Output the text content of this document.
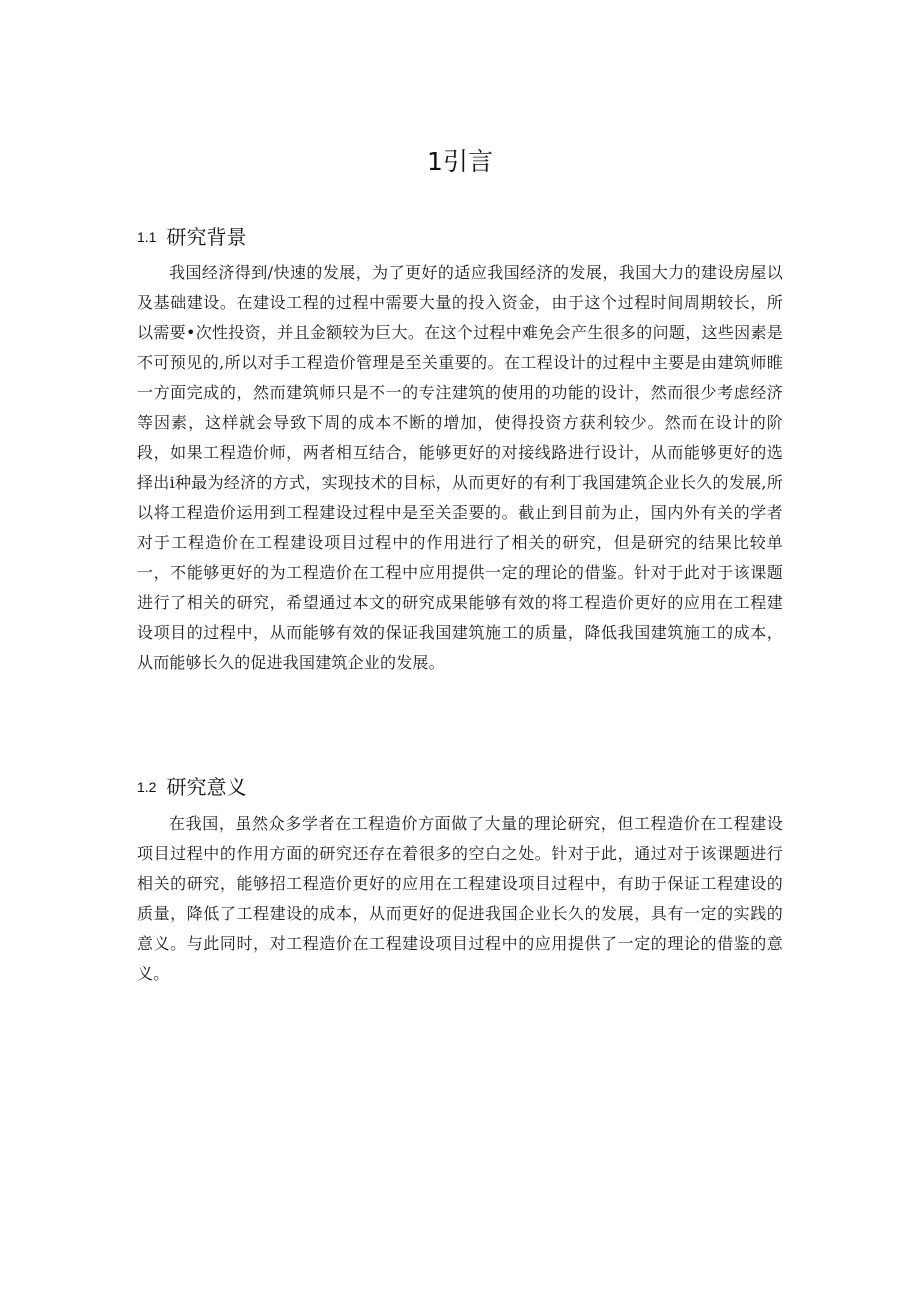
1引言
1.1 研究背景

我国经济得到/快速的发展，为了更好的适应我国经济的发展，我国大力的建设房屋以及基础建设。在建设工程的过程中需要大量的投入资金，由于这个过程时间周期较长，所以需要•次性投资，并且金额较为巨大。在这个过程中难免会产生很多的问题，这些因素是不可预见的,所以对手工程造价管理是至关重要的。在工程设计的过程中主要是由建筑师睢一方面完成的，然而建筑师只是不一的专注建筑的使用的功能的设计，然而很少考虑经济等因素，这样就会导致下周的成本不断的增加，使得投资方获利较少。然而在设计的阶段，如果工程造价师，两者相互结合，能够更好的对接线路进行设计，从而能够更好的选择出i种最为经济的方式，实现技术的目标，从而更好的有利丁我国建筑企业长久的发展,所以将工程造价运用到工程建设过程中是至关歪要的。截止到目前为止，国内外有关的学者对于工程造价在工程建设项目过程中的作用进行了相关的研究，但是研究的结果比较单一，不能够更好的为工程造价在工程中应用提供一定的理论的借鉴。针对于此对于该课题进行了相关的研究，希望通过本文的研究成果能够有效的将工程造价更好的应用在工程建设项目的过程中，从而能够有效的保证我国建筑施工的质量，降低我国建筑施工的成本，从而能够长久的促进我国建筑企业的发展。

1.2 研究意义

在我国，虽然众多学者在工程造价方面做了大量的理论研究，但工程造价在工程建设项目过程中的作用方面的研究还存在着很多的空白之处。针对于此，通过对于该课题进行相关的研究，能够招工程造价更好的应用在工程建设项目过程中，有助于保证工程建设的质量，降低了工程建设的成本，从而更好的促进我国企业长久的发展，具有一定的实践的意义。与此同时，对工程造价在工程建设项目过程中的应用提供了一定的理论的借鉴的意义。
